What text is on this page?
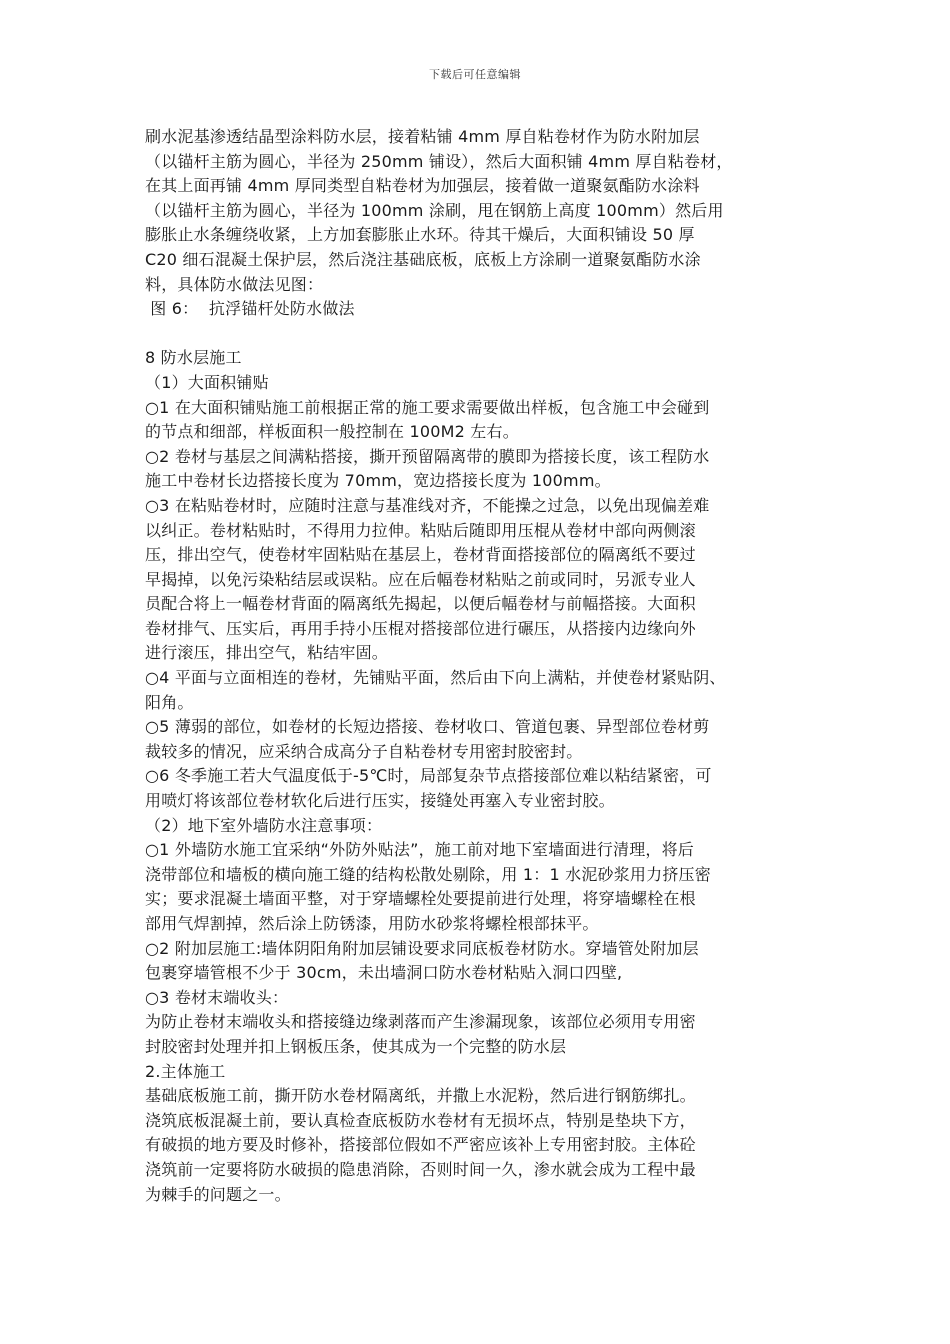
下载后可任意编辑
刷水泥基渗透结晶型涂料防水层，接着粘铺 4mm 厚自粘卷材作为防水附加层
（以锚杆主筋为圆心，半径为 250mm 铺设），然后大面积铺 4mm 厚自粘卷材，
在其上面再铺 4mm 厚同类型自粘卷材为加强层，接着做一道聚氨酯防水涂料
（以锚杆主筋为圆心，半径为 100mm 涂刷，甩在钢筋上高度 100mm）然后用
膨胀止水条缠绕收紧，上方加套膨胀止水环。待其干燥后，大面积铺设 50 厚
C20 细石混凝土保护层，然后浇注基础底板，底板上方涂刷一道聚氨酯防水涂
料，具体防水做法见图：
图 6：  抗浮锚杆处防水做法
8 防水层施工
（1）大面积铺贴
○1 在大面积铺贴施工前根据正常的施工要求需要做出样板，包含施工中会碰到
的节点和细部，样板面积一般控制在 100M2 左右。
○2 卷材与基层之间满粘搭接，撕开预留隔离带的膜即为搭接长度，该工程防水
施工中卷材长边搭接长度为 70mm，宽边搭接长度为 100mm。
○3 在粘贴卷材时，应随时注意与基准线对齐，不能操之过急，以免出现偏差难
以纠正。卷材粘贴时，不得用力拉伸。粘贴后随即用压棍从卷材中部向两侧滚
压，排出空气，使卷材牢固粘贴在基层上，卷材背面搭接部位的隔离纸不要过
早揭掉，以免污染粘结层或误粘。应在后幅卷材粘贴之前或同时，另派专业人
员配合将上一幅卷材背面的隔离纸先揭起，以便后幅卷材与前幅搭接。大面积
卷材排气、压实后，再用手持小压棍对搭接部位进行碾压，从搭接内边缘向外
进行滚压，排出空气，粘结牢固。
○4 平面与立面相连的卷材，先铺贴平面，然后由下向上满粘，并使卷材紧贴阴、
阳角。
○5 薄弱的部位，如卷材的长短边搭接、卷材收口、管道包裹、异型部位卷材剪
裁较多的情况，应采纳合成高分子自粘卷材专用密封胶密封。
○6 冬季施工若大气温度低于-5℃时，局部复杂节点搭接部位难以粘结紧密，可
用喷灯将该部位卷材软化后进行压实，接缝处再塞入专业密封胶。
（2）地下室外墙防水注意事项：
○1 外墙防水施工宜采纳“外防外贴法”，施工前对地下室墙面进行清理，将后
浇带部位和墙板的横向施工缝的结构松散处剔除，用 1：1 水泥砂浆用力挤压密
实；要求混凝土墙面平整，对于穿墙螺栓处要提前进行处理，将穿墙螺栓在根
部用气焊割掉，然后涂上防锈漆，用防水砂浆将螺栓根部抹平。
○2 附加层施工:墙体阴阳角附加层铺设要求同底板卷材防水。穿墙管处附加层
包裹穿墙管根不少于 30cm，未出墙洞口防水卷材粘贴入洞口四壁,
○3 卷材末端收头：
为防止卷材末端收头和搭接缝边缘剥落而产生渗漏现象，该部位必须用专用密
封胶密封处理并扣上钢板压条，使其成为一个完整的防水层
2.主体施工
基础底板施工前，撕开防水卷材隔离纸，并撒上水泥粉，然后进行钢筋绑扎。
浇筑底板混凝土前，要认真检查底板防水卷材有无损坏点，特别是垫块下方，
有破损的地方要及时修补，搭接部位假如不严密应该补上专用密封胶。主体砼
浇筑前一定要将防水破损的隐患消除，否则时间一久，渗水就会成为工程中最
为棘手的问题之一。
